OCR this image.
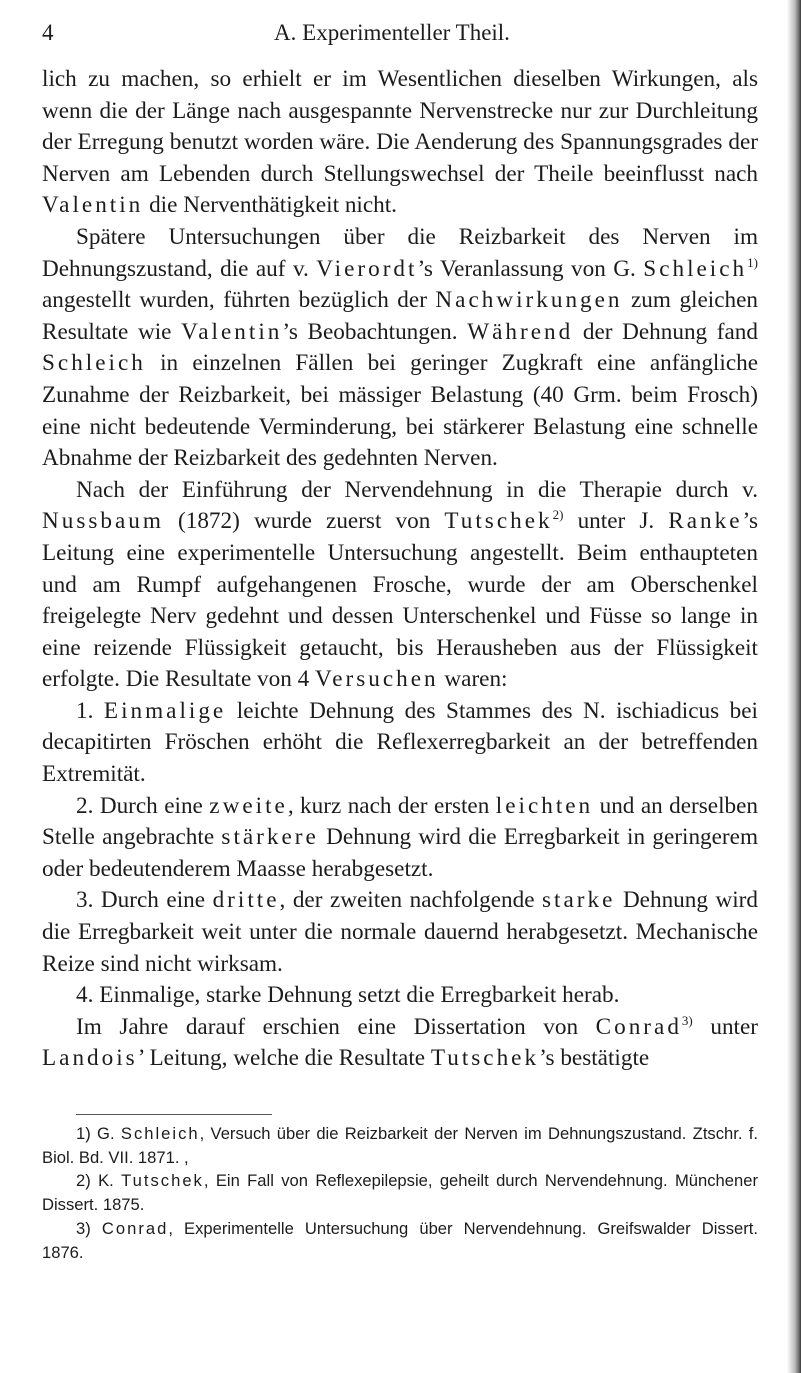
4	A. Experimenteller Theil.

lich zu machen, so erhielt er im Wesentlichen dieselben Wirkungen, als wenn die der Länge nach ausgespannte Nervenstrecke nur zur Durchleitung der Erregung benutzt worden wäre. Die Aenderung des Spannungsgrades der Nerven am Lebenden durch Stellungswechsel der Theile beeinflusst nach Valentin die Nerventhätigkeit nicht.

Spätere Untersuchungen über die Reizbarkeit des Nerven im Dehnungszustand, die auf v. Vierordt’s Veranlassung von G. Schleich$^{1)}$ angestellt wurden, führten bezüglich der Nachwirkungen zum gleichen Resultate wie Valentin’s Beobachtungen. Während der Dehnung fand Schleich in einzelnen Fällen bei geringer Zugkraft eine anfängliche Zunahme der Reizbarkeit, bei mässiger Belastung (40 Grm. beim Frosch) eine nicht bedeutende Verminderung, bei stärkerer Belastung eine schnelle Abnahme der Reizbarkeit des gedehnten Nerven.

Nach der Einführung der Nervendehnung in die Therapie durch v. Nussbaum (1872) wurde zuerst von Tutschek$^{2)}$ unter J. Ranke’s Leitung eine experimentelle Untersuchung angestellt. Beim enthaupteten und am Rumpf aufgehangenen Frosche, wurde der am Oberschenkel freigelegte Nerv gedehnt und dessen Unterschenkel und Füsse so lange in eine reizende Flüssigkeit getaucht, bis Herausheben aus der Flüssigkeit erfolgte. Die Resultate von 4 Versuchen waren:

1. Einmalige leichte Dehnung des Stammes des N. ischiadicus bei decapitirten Fröschen erhöht die Reflexerregbarkeit an der betreffenden Extremität.

2. Durch eine zweite, kurz nach der ersten leichten und an derselben Stelle angebrachte stärkere Dehnung wird die Erregbarkeit in geringerem oder bedeutenderem Maasse herabgesetzt.

3. Durch eine dritte, der zweiten nachfolgende starke Dehnung wird die Erregbarkeit weit unter die normale dauernd herabgesetzt. Mechanische Reize sind nicht wirksam.

4. Einmalige, starke Dehnung setzt die Erregbarkeit herab.

Im Jahre darauf erschien eine Dissertation von Conrad$^{3)}$ unter Landois’ Leitung, welche die Resultate Tutschek’s bestätigte

1) G. Schleich, Versuch über die Reizbarkeit der Nerven im Dehnungszustand. Ztschr. f. Biol. Bd. VII. 1871. ,

2) K. Tutschek, Ein Fall von Reflexepilepsie, geheilt durch Nervendehnung. Münchener Dissert. 1875.

3) Conrad, Experimentelle Untersuchung über Nervendehnung. Greifswalder Dissert. 1876.
